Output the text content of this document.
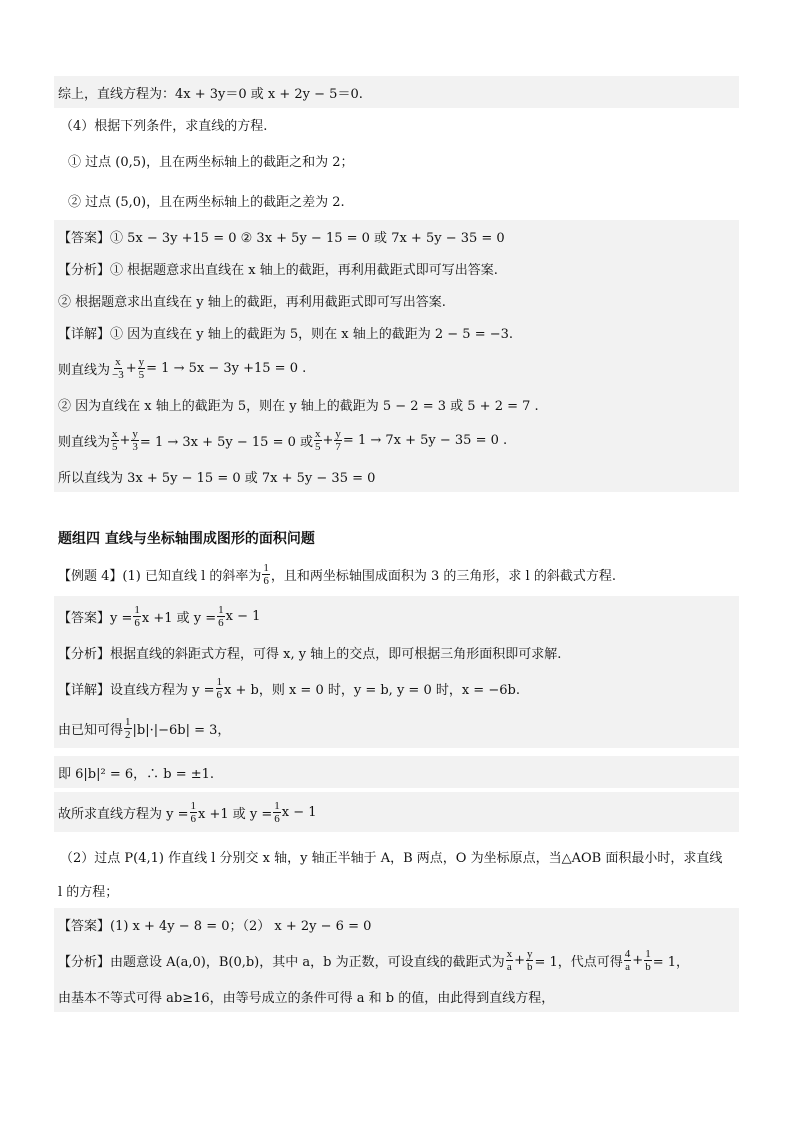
综上，直线方程为：4x + 3y＝0 或 x + 2y − 5＝0.
（4）根据下列条件，求直线的方程.
① 过点 (0,5)，且在两坐标轴上的截距之和为 2；
② 过点 (5,0)，且在两坐标轴上的截距之差为 2.
【答案】① 5x − 3y +15 = 0 ② 3x + 5y − 15 = 0 或 7x + 5y − 35 = 0
【分析】① 根据题意求出直线在 x 轴上的截距，再利用截距式即可写出答案.
② 根据题意求出直线在 y 轴上的截距，再利用截距式即可写出答案.
【详解】① 因为直线在 y 轴上的截距为 5，则在 x 轴上的截距为 2 − 5 = −3.
则直线为 $\frac{x}{-3} + \frac{y}{5} = 1 \to 5x - 3y +15 = 0$ .
② 因为直线在 x 轴上的截距为 5，则在 y 轴上的截距为 5 − 2 = 3 或 5 + 2 = 7 .
则直线为 $\frac{x}{5} + \frac{y}{3} = 1 \to 3x + 5y - 15 = 0$ 或 $\frac{x}{5} + \frac{y}{7} = 1 \to 7x + 5y - 35 = 0$ .
所以直线为 3x + 5y − 15 = 0 或 7x + 5y − 35 = 0
题组四 直线与坐标轴围成图形的面积问题
【例题 4】(1) 已知直线 l 的斜率为 $\frac{1}{6}$ ，且和两坐标轴围成面积为 3 的三角形，求 l 的斜截式方程.
【答案】$y = \frac{1}{6}$ x +1 或 $y = \frac{1}{6}$ x − 1
【分析】根据直线的斜距式方程，可得 x, y 轴上的交点，即可根据三角形面积即可求解.
【详解】设直线方程为 $y = \frac{1}{6}$ x + b，则 x = 0 时，y = b, y = 0 时，x = −6b.
由已知可得 $\frac{1}{2} |b|\cdot|-6b| = 3$，
即 6|b|² = 6，∴ b = ±1.
故所求直线方程为 $y = \frac{1}{6}$ x +1 或 $y = \frac{1}{6}$ x − 1
（2）过点 P(4,1) 作直线 l 分别交 x 轴，y 轴正半轴于 A，B 两点，O 为坐标原点，当△AOB 面积最小时，求直线
l 的方程；
【答案】(1) x + 4y − 8 = 0；（2） x + 2y − 6 = 0
【分析】由题意设 A(a,0)，B(0,b)，其中 a，b 为正数，可设直线的截距式为 $\frac{x}{a} + \frac{y}{b} = 1$，代点可得 $\frac{4}{a} + \frac{1}{b} = 1$，
由基本不等式可得 ab≥16，由等号成立的条件可得 a 和 b 的值，由此得到直线方程，
